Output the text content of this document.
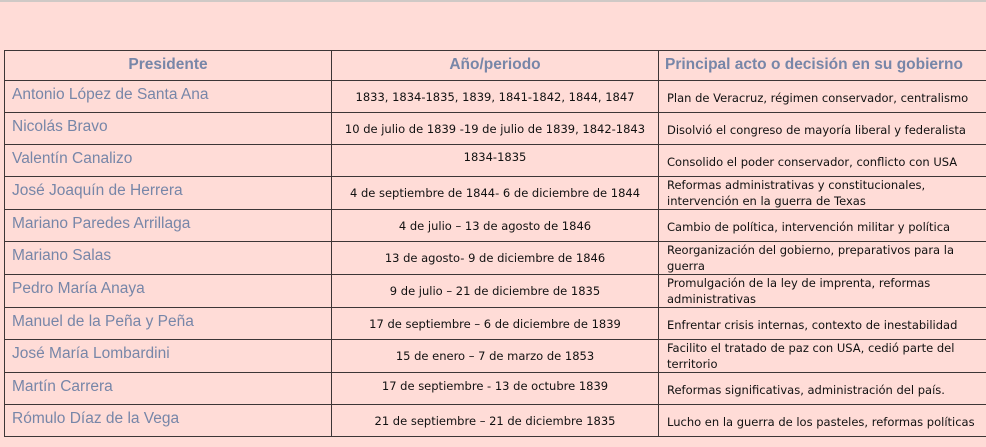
Presidente	Año/periodo	Principal acto o decisión en su gobierno
Antonio López de Santa Ana	1833, 1834-1835, 1839, 1841-1842, 1844, 1847	Plan de Veracruz, régimen conservador, centralismo
Nicolás Bravo	10 de julio de 1839 -19 de julio de 1839, 1842-1843	Disolvió el congreso de mayoría liberal y federalista
Valentín Canalizo	1834-1835	Consolido el poder conservador, conflicto con USA
José Joaquín de Herrera	4 de septiembre de 1844- 6 de diciembre de 1844	Reformas administrativas y constitucionales, intervención en la guerra de Texas
Mariano Paredes Arrillaga	4 de julio – 13 de agosto de 1846	Cambio de política, intervención militar y política
Mariano Salas	13 de agosto- 9 de diciembre de 1846	Reorganización del gobierno, preparativos para la guerra
Pedro María Anaya	9 de julio – 21 de diciembre de 1835	Promulgación de la ley de imprenta, reformas administrativas
Manuel de la Peña y Peña	17 de septiembre – 6 de diciembre de 1839	Enfrentar crisis internas, contexto de inestabilidad
José María Lombardini	15 de enero – 7 de marzo de 1853	Facilito el tratado de paz con USA, cedió parte del territorio
Martín Carrera	17 de septiembre - 13 de octubre 1839	Reformas significativas, administración del país.
Rómulo Díaz de la Vega	21 de septiembre – 21 de diciembre 1835	Lucho en la guerra de los pasteles, reformas políticas
